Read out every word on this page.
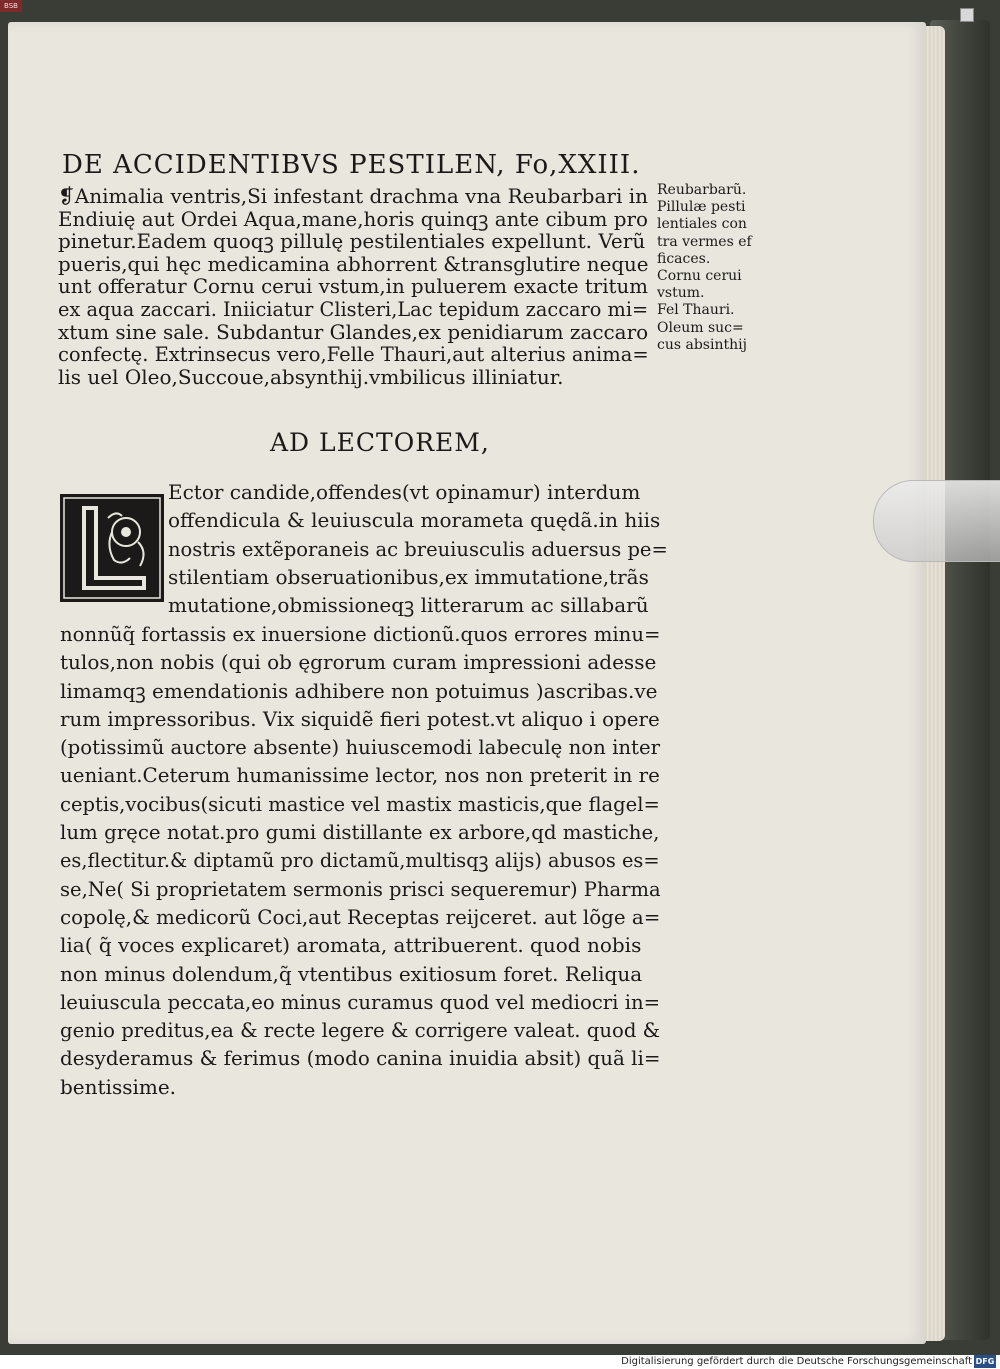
BSB
DE ACCIDENTIBVS PESTILEN, Fo,XXIII.
❡Animalia ventris,Si infestant drachma vna Reubarbari in
Endiuię aut Ordei Aqua,mane,horis quinqꝫ ante cibum pro
pinetur.Eadem quoqꝫ pillulę pestilentiales expellunt. Verũ
pueris,qui hęc medicamina abhorrent &transglutire neque
unt offeratur Cornu cerui vstum,in puluerem exacte tritum
ex aqua zaccari. Iniiciatur Clisteri,Lac tepidum zaccaro mi=
xtum sine sale. Subdantur Glandes,ex penidiarum zaccaro
confectę. Extrinsecus vero,Felle Thauri,aut alterius anima=
lis uel Oleo,Succoue,absynthij.vmbilicus illiniatur.
Reubarbarũ.
Pillulæ pesti
lentiales con
tra vermes ef
ficaces.
Cornu cerui
vstum.
Fel Thauri.
Oleum suc=
cus absinthij
AD LECTOREM,
Ector candide,offendes(vt opinamur) interdum
offendicula & leuiuscula morameta quędã.in hiis
nostris extẽporaneis ac breuiusculis aduersus pe=
stilentiam obseruationibus,ex immutatione,trãs
mutatione,obmissioneqꝫ litterarum ac sillabarũ
nonnũq̃ fortassis ex inuersione dictionũ.quos errores minu=
tulos,non nobis (qui ob ęgrorum curam impressioni adesse
limamqꝫ emendationis adhibere non potuimus )ascribas.ve
rum impressoribus. Vix siquidẽ fieri potest.vt aliquo i opere
(potissimũ auctore absente) huiuscemodi labeculę non inter
ueniant.Ceterum humanissime lector, nos non preterit in re
ceptis,vocibus(sicuti mastice vel mastix masticis,que flagel=
lum gręce notat.pro gumi distillante ex arbore,qd mastiche,
es,flectitur.& diptamũ pro dictamũ,multisqꝫ alijs) abusos es=
se,Ne( Si proprietatem sermonis prisci sequeremur) Pharma
copolę,& medicorũ Coci,aut Receptas reijceret. aut lõge a=
lia( q̃ voces explicaret) aromata, attribuerent. quod nobis
non minus dolendum,q̃ vtentibus exitiosum foret. Reliqua
leuiuscula peccata,eo minus curamus quod vel mediocri in=
genio preditus,ea & recte legere & corrigere valeat. quod &
desyderamus & ferimus (modo canina inuidia absit) quã li=
bentissime.
Digitalisierung gefördert durch die Deutsche Forschungsgemeinschaft DFG
